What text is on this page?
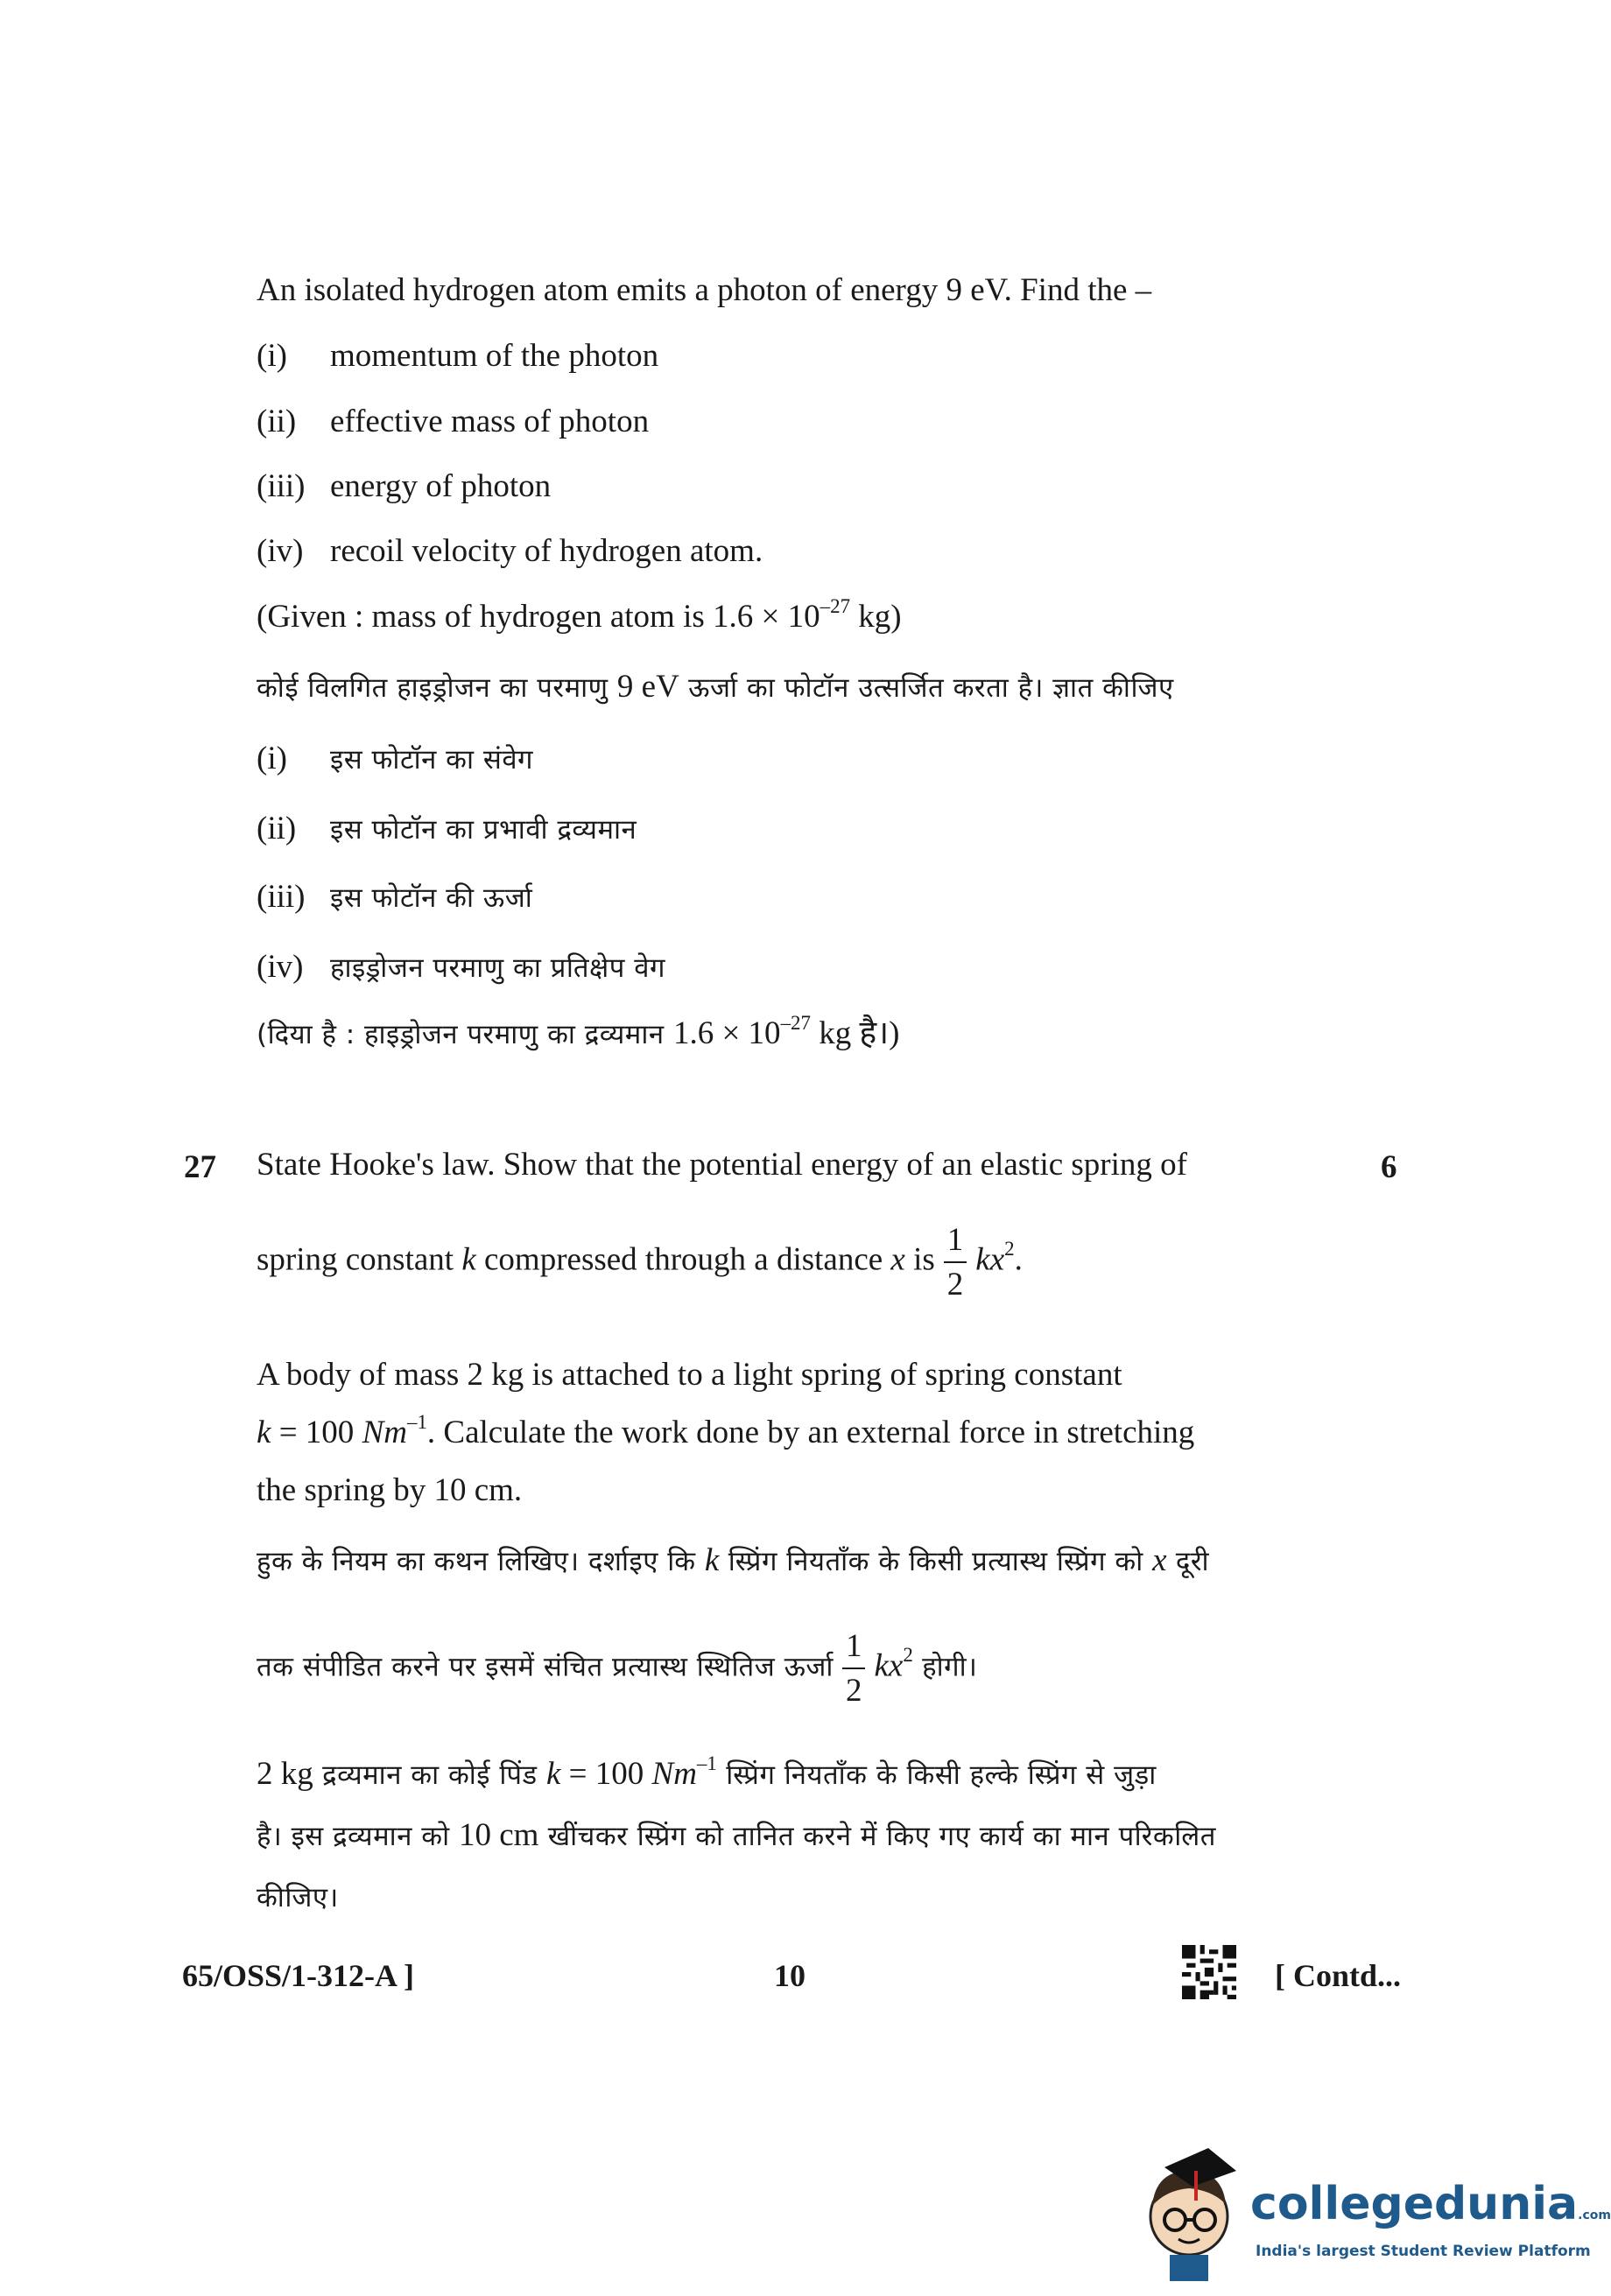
An isolated hydrogen atom emits a photon of energy 9 eV. Find the –
(i) momentum of the photon
(ii) effective mass of photon
(iii) energy of photon
(iv) recoil velocity of hydrogen atom.
(Given : mass of hydrogen atom is $1.6 \times 10^{-27}$ kg)
कोई विलगित हाइड्रोजन का परमाणु 9 eV ऊर्जा का फोटॉन उत्सर्जित करता है। ज्ञात कीजिए
(i) इस फोटॉन का संवेग
(ii) इस फोटॉन का प्रभावी द्रव्यमान
(iii) इस फोटॉन की ऊर्जा
(iv) हाइड्रोजन परमाणु का प्रतिक्षेप वेग
(दिया है : हाइड्रोजन परमाणु का द्रव्यमान $1.6 \times 10^{-27}$ kg है।)
27	6
State Hooke's law. Show that the potential energy of an elastic spring of
spring constant k compressed through a distance x is $\frac{1}{2} kx^2$.
A body of mass 2 kg is attached to a light spring of spring constant
k = 100 $Nm^{-1}$. Calculate the work done by an external force in stretching
the spring by 10 cm.
हुक के नियम का कथन लिखिए। दर्शाइए कि k स्प्रिंग नियताँक के किसी प्रत्यास्थ स्प्रिंग को x दूरी
तक संपीडित करने पर इसमें संचित प्रत्यास्थ स्थितिज ऊर्जा $\frac{1}{2} kx^2$ होगी।
2 kg द्रव्यमान का कोई पिंड k = 100 $Nm^{-1}$ स्प्रिंग नियताँक के किसी हल्के स्प्रिंग से जुड़ा
है। इस द्रव्यमान को 10 cm खींचकर स्प्रिंग को तानित करने में किए गए कार्य का मान परिकलित
कीजिए।
65/OSS/1-312-A ]	10	[ Contd...
collegedunia.com
India's largest Student Review Platform
